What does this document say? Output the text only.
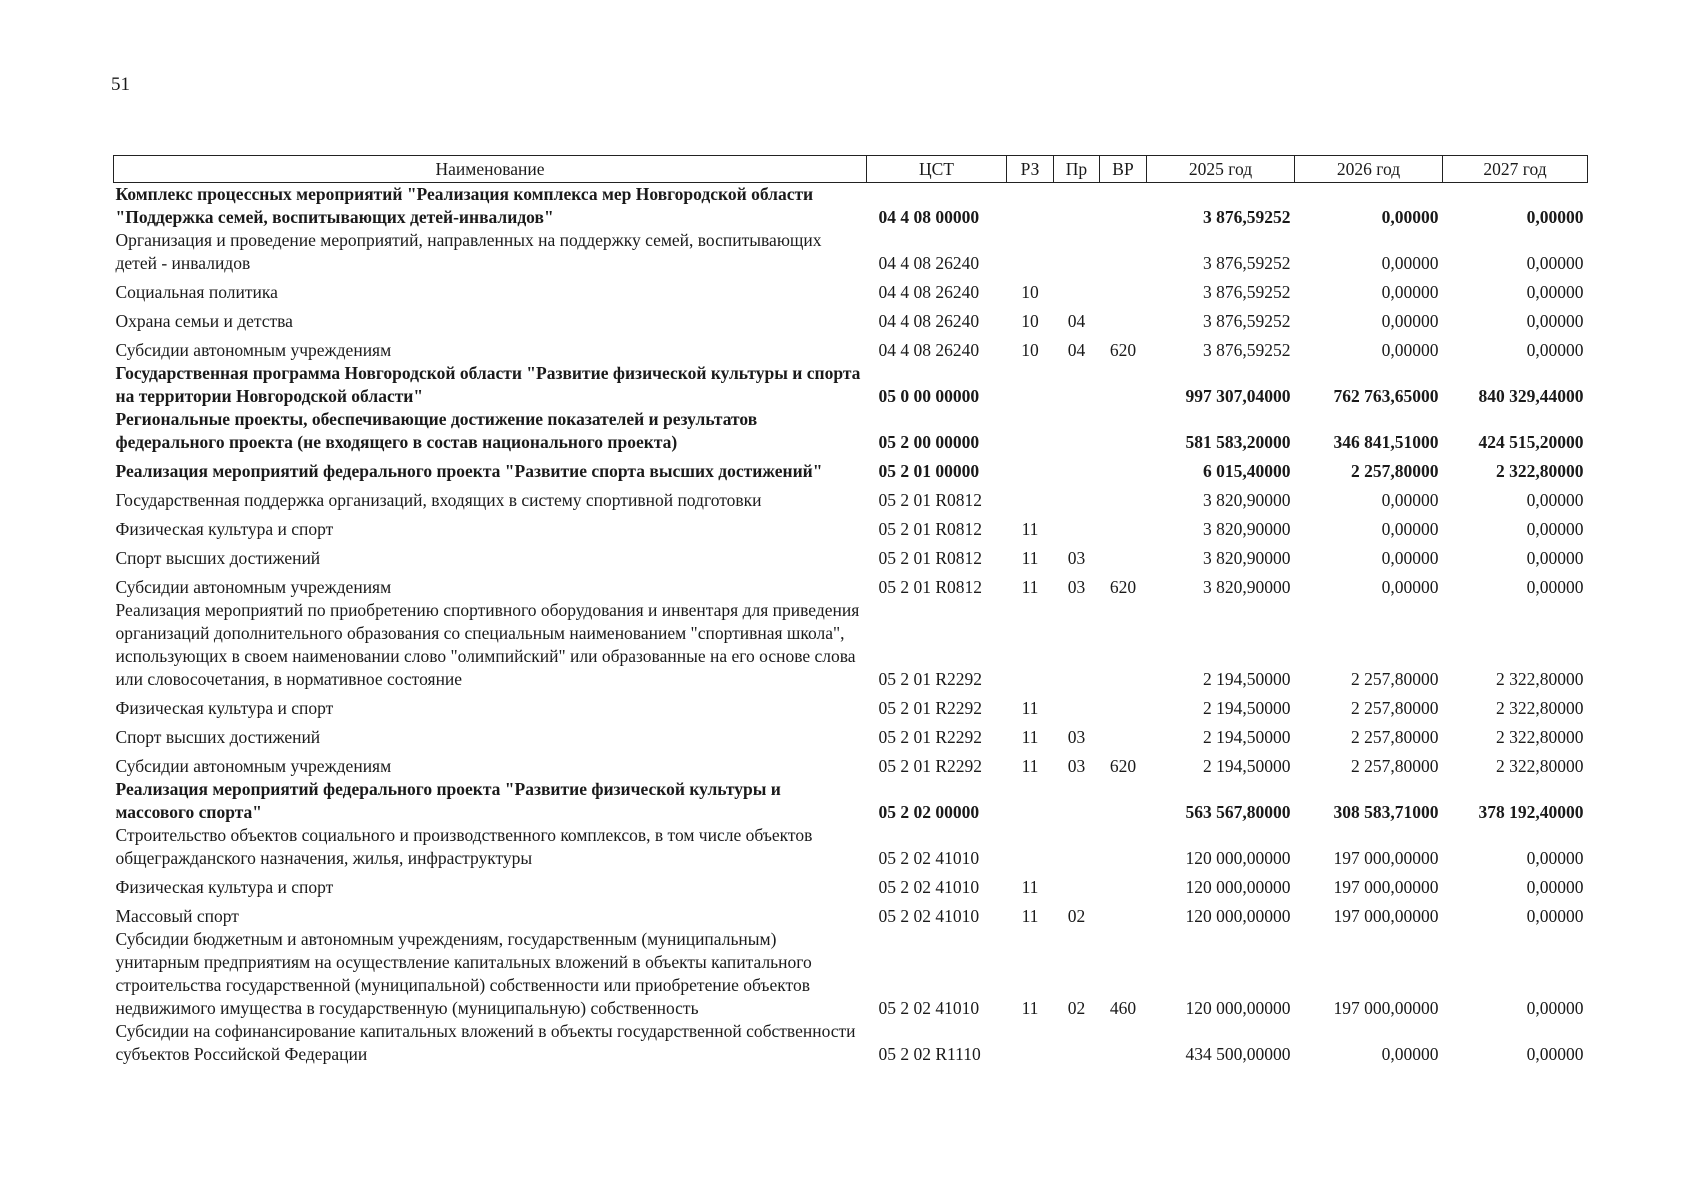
51
Наименование	ЦСТ	РЗ	Пр	ВР	2025 год	2026 год	2027 год
Комплекс процессных мероприятий "Реализация комплекса мер Новгородской области "Поддержка семей, воспитывающих детей-инвалидов"	04 4 08 00000				3 876,59252	0,00000	0,00000
Организация и проведение мероприятий, направленных на поддержку семей, воспитывающих детей - инвалидов	04 4 08 26240				3 876,59252	0,00000	0,00000
Социальная политика	04 4 08 26240	10			3 876,59252	0,00000	0,00000
Охрана семьи и детства	04 4 08 26240	10	04		3 876,59252	0,00000	0,00000
Субсидии автономным учреждениям	04 4 08 26240	10	04	620	3 876,59252	0,00000	0,00000
Государственная программа Новгородской области "Развитие физической культуры и спорта на территории Новгородской области"	05 0 00 00000				997 307,04000	762 763,65000	840 329,44000
Региональные проекты, обеспечивающие достижение показателей и результатов федерального проекта (не входящего в состав национального проекта)	05 2 00 00000				581 583,20000	346 841,51000	424 515,20000
Реализация мероприятий федерального проекта "Развитие спорта высших достижений"	05 2 01 00000				6 015,40000	2 257,80000	2 322,80000
Государственная поддержка организаций, входящих в систему спортивной подготовки	05 2 01 R0812				3 820,90000	0,00000	0,00000
Физическая культура и спорт	05 2 01 R0812	11			3 820,90000	0,00000	0,00000
Спорт высших достижений	05 2 01 R0812	11	03		3 820,90000	0,00000	0,00000
Субсидии автономным учреждениям	05 2 01 R0812	11	03	620	3 820,90000	0,00000	0,00000
Реализация мероприятий по приобретению спортивного оборудования и инвентаря для приведения организаций дополнительного образования со специальным наименованием "спортивная школа", использующих в своем наименовании слово "олимпийский" или образованные на его основе слова или словосочетания, в нормативное состояние	05 2 01 R2292				2 194,50000	2 257,80000	2 322,80000
Физическая культура и спорт	05 2 01 R2292	11			2 194,50000	2 257,80000	2 322,80000
Спорт высших достижений	05 2 01 R2292	11	03		2 194,50000	2 257,80000	2 322,80000
Субсидии автономным учреждениям	05 2 01 R2292	11	03	620	2 194,50000	2 257,80000	2 322,80000
Реализация мероприятий федерального проекта "Развитие физической культуры и массового спорта"	05 2 02 00000				563 567,80000	308 583,71000	378 192,40000
Строительство объектов социального и производственного комплексов, в том числе объектов общегражданского назначения, жилья, инфраструктуры	05 2 02 41010				120 000,00000	197 000,00000	0,00000
Физическая культура и спорт	05 2 02 41010	11			120 000,00000	197 000,00000	0,00000
Массовый спорт	05 2 02 41010	11	02		120 000,00000	197 000,00000	0,00000
Субсидии бюджетным и автономным учреждениям, государственным (муниципальным) унитарным предприятиям на осуществление капитальных вложений в объекты капитального строительства государственной (муниципальной) собственности или приобретение объектов недвижимого имущества в государственную (муниципальную) собственность	05 2 02 41010	11	02	460	120 000,00000	197 000,00000	0,00000
Субсидии на софинансирование капитальных вложений в объекты государственной собственности субъектов Российской Федерации	05 2 02 R1110				434 500,00000	0,00000	0,00000
